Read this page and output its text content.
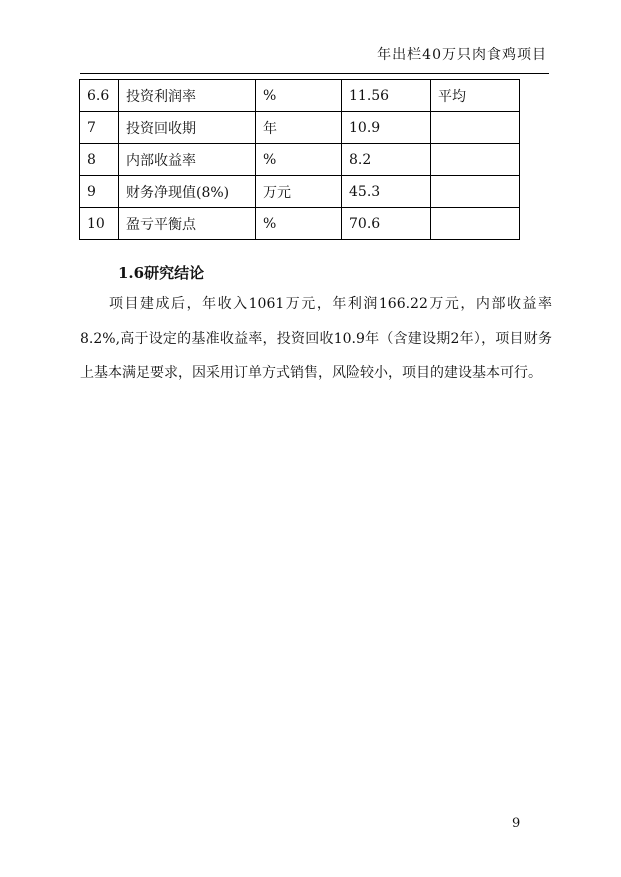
年出栏40万只肉食鸡项目
6.6	投资利润率	%	11.56	平均
7	投资回收期	年	10.9	
8	内部收益率	%	8.2	
9	财务净现值(8%)	万元	45.3	
10	盈亏平衡点	%	70.6	
1.6研究结论

项目建成后，年收入1061万元，年利润166.22万元，内部收益率8.2%,高于设定的基准收益率，投资回收10.9年（含建设期2年），项目财务上基本满足要求，因采用订单方式销售，风险较小，项目的建设基本可行。

9
